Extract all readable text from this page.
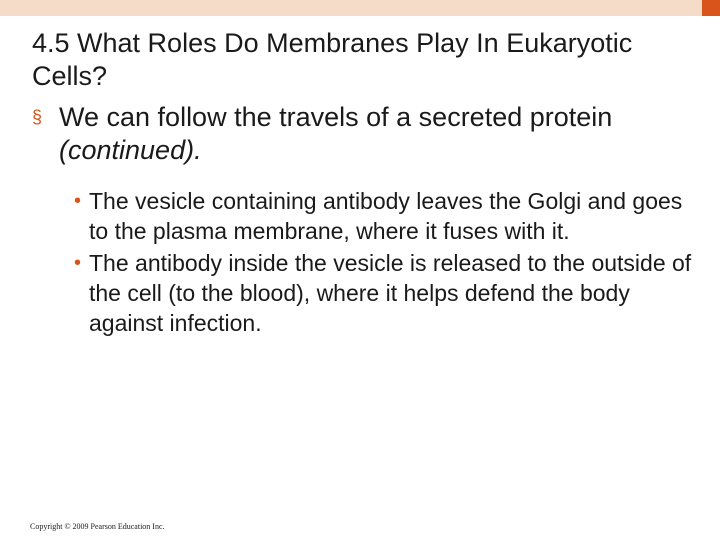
4.5 What Roles Do Membranes Play In Eukaryotic Cells?
§ We can follow the travels of a secreted protein (continued).
• The vesicle containing antibody leaves the Golgi and goes to the plasma membrane, where it fuses with it.
• The antibody inside the vesicle is released to the outside of the cell (to the blood), where it helps defend the body against infection.
Copyright © 2009 Pearson Education Inc.
